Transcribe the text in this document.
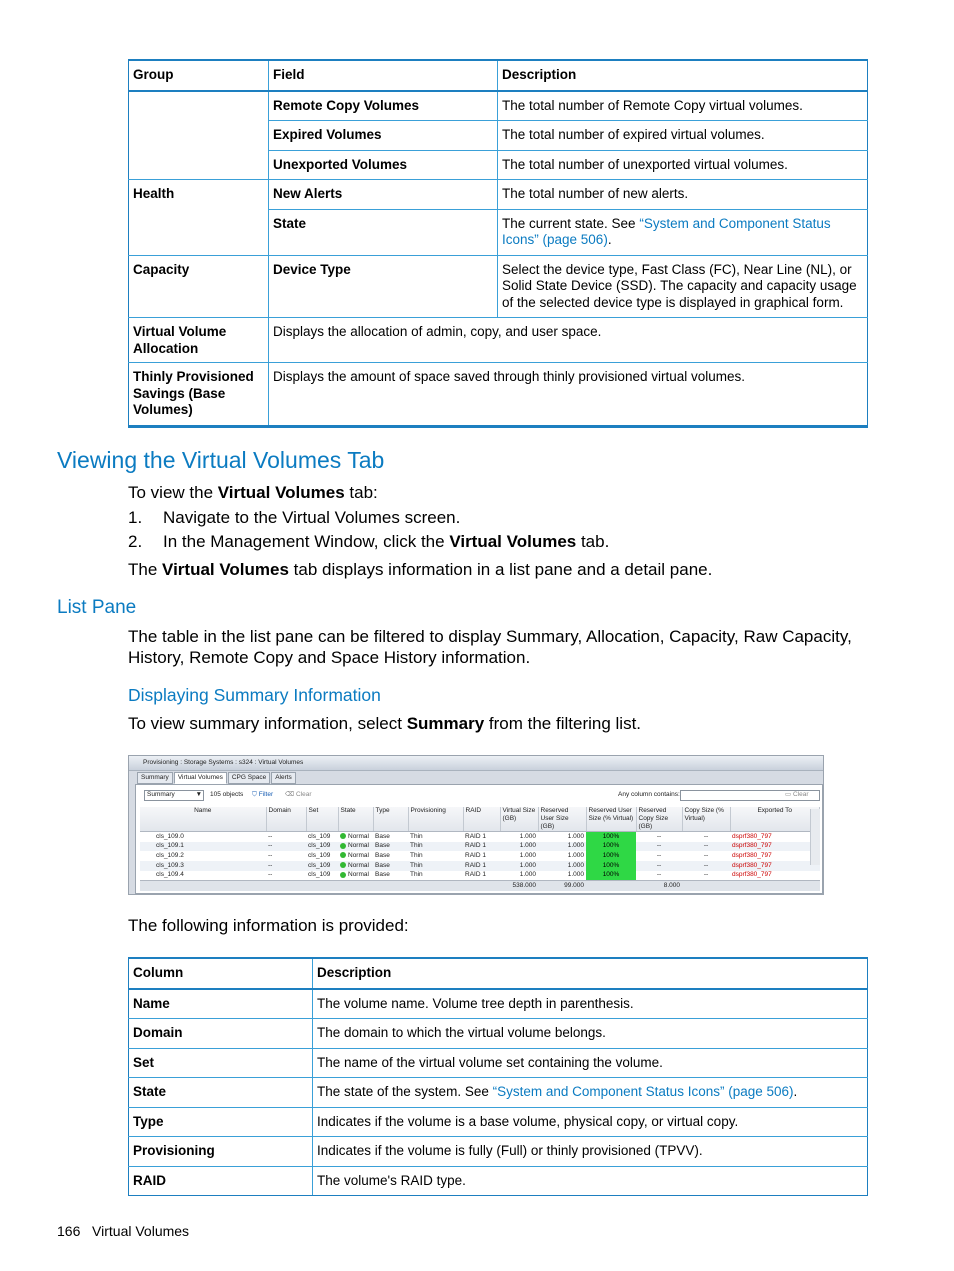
Group	Field	Description
	Remote Copy Volumes	The total number of Remote Copy virtual volumes.
	Expired Volumes	The total number of expired virtual volumes.
	Unexported Volumes	The total number of unexported virtual volumes.
Health	New Alerts	The total number of new alerts.
	State	The current state. See “System and Component Status Icons” (page 506).
Capacity	Device Type	Select the device type, Fast Class (FC), Near Line (NL), or Solid State Device (SSD). The capacity and capacity usage of the selected device type is displayed in graphical form.
Virtual Volume Allocation	Displays the allocation of admin, copy, and user space.	
Thinly Provisioned Savings (Base Volumes)	Displays the amount of space saved through thinly provisioned virtual volumes.	
Viewing the Virtual Volumes Tab
To view the Virtual Volumes tab:
1. Navigate to the Virtual Volumes screen.
2. In the Management Window, click the Virtual Volumes tab.
The Virtual Volumes tab displays information in a list pane and a detail pane.
List Pane
The table in the list pane can be filtered to display Summary, Allocation, Capacity, Raw Capacity, History, Remote Copy and Space History information.
Displaying Summary Information
To view summary information, select Summary from the filtering list.
Provisioning : Storage Systems : s324 : Virtual Volumes
Summary	Virtual Volumes	CPG Space	Alerts
Summary	▼ 105 objects ⛉ Filter ⌫ Clear	Any column contains:	▭ Clear
Name	Domain	Set	State	Type	Provisioning	RAID	Virtual Size (GB)	Reserved User Size (GB)	Reserved User Size (% Virtual)	Reserved Copy Size (GB)	Copy Size (% Virtual)	Exported To
cls_109.0	--	cls_109	Normal	Base	Thin	RAID 1	1.000	1.000	100%	--	--	dsprf380_797
cls_109.1	--	cls_109	Normal	Base	Thin	RAID 1	1.000	1.000	100%	--	--	dsprf380_797
cls_109.2	--	cls_109	Normal	Base	Thin	RAID 1	1.000	1.000	100%	--	--	dsprf380_797
cls_109.3	--	cls_109	Normal	Base	Thin	RAID 1	1.000	1.000	100%	--	--	dsprf380_797
cls_109.4	--	cls_109	Normal	Base	Thin	RAID 1	1.000	1.000	100%	--	--	dsprf380_797
							538.000	99.000		8.000		
The following information is provided:
Column	Description
Name	The volume name. Volume tree depth in parenthesis.
Domain	The domain to which the virtual volume belongs.
Set	The name of the virtual volume set containing the volume.
State	The state of the system. See “System and Component Status Icons” (page 506).
Type	Indicates if the volume is a base volume, physical copy, or virtual copy.
Provisioning	Indicates if the volume is fully (Full) or thinly provisioned (TPVV).
RAID	The volume's RAID type.
166 Virtual Volumes
